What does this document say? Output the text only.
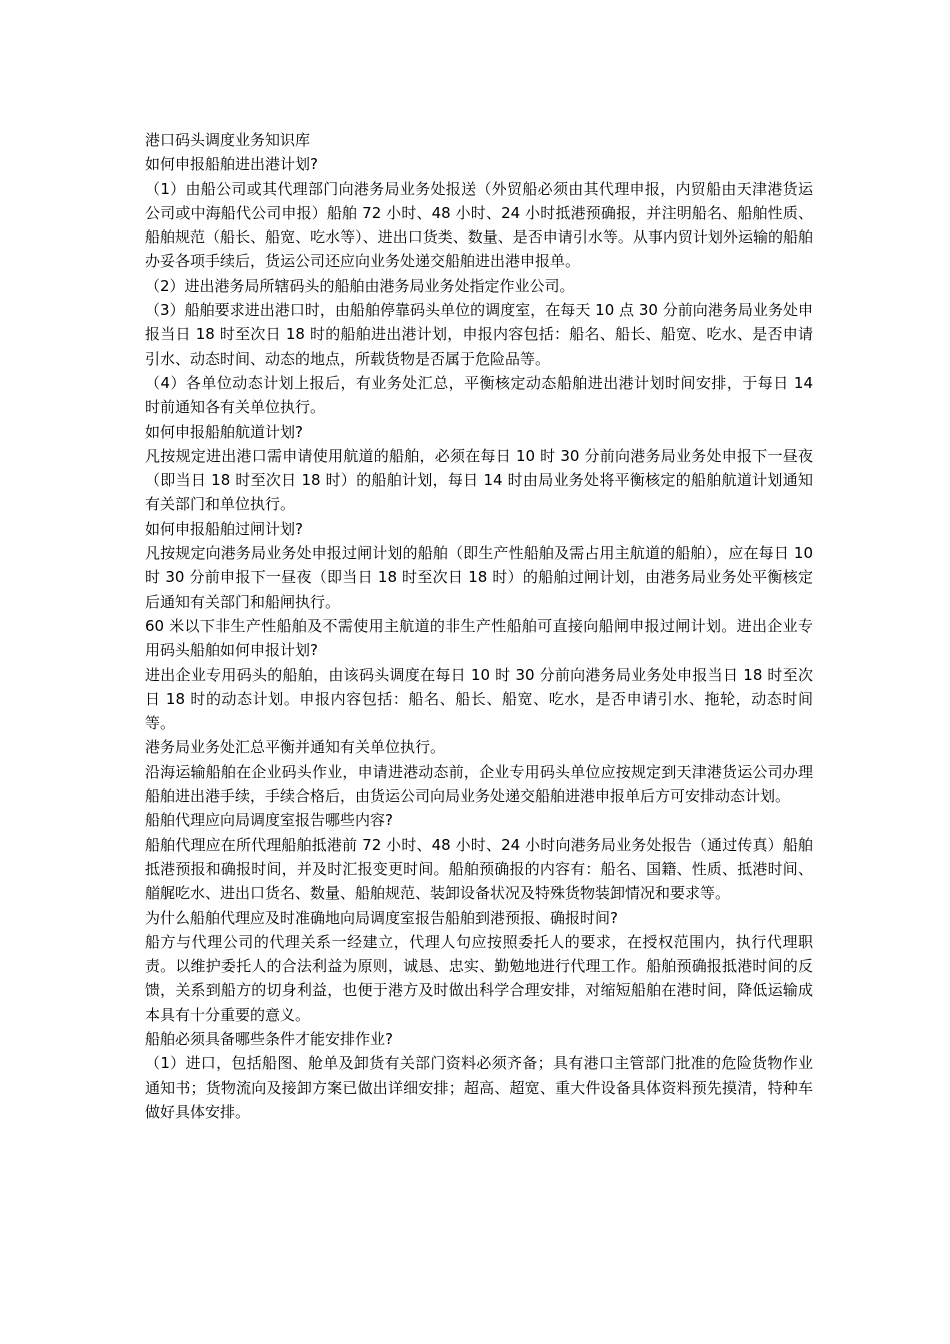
港口码头调度业务知识库

如何申报船舶进出港计划?

（1）由船公司或其代理部门向港务局业务处报送（外贸船必须由其代理申报，内贸船由天津港货运公司或中海船代公司申报）船舶 72 小时、48 小时、24 小时抵港预确报，并注明船名、船舶性质、船舶规范（船长、船宽、吃水等）、进出口货类、数量、是否申请引水等。从事内贸计划外运输的船舶办妥各项手续后，货运公司还应向业务处递交船舶进出港申报单。

（2）进出港务局所辖码头的船舶由港务局业务处指定作业公司。

（3）船舶要求进出港口时，由船舶停靠码头单位的调度室，在每天 10 点 30 分前向港务局业务处申报当日 18 时至次日 18 时的船舶进出港计划，申报内容包括：船名、船长、船宽、吃水、是否申请引水、动态时间、动态的地点，所载货物是否属于危险品等。

（4）各单位动态计划上报后，有业务处汇总，平衡核定动态船舶进出港计划时间安排，于每日 14 时前通知各有关单位执行。

如何申报船舶航道计划?

凡按规定进出港口需申请使用航道的船舶，必须在每日 10 时 30 分前向港务局业务处申报下一昼夜（即当日 18 时至次日 18 时）的船舶计划，每日 14 时由局业务处将平衡核定的船舶航道计划通知有关部门和单位执行。

如何申报船舶过闸计划?

凡按规定向港务局业务处申报过闸计划的船舶（即生产性船舶及需占用主航道的船舶），应在每日 10 时 30 分前申报下一昼夜（即当日 18 时至次日 18 时）的船舶过闸计划，由港务局业务处平衡核定后通知有关部门和船闸执行。

60 米以下非生产性船舶及不需使用主航道的非生产性船舶可直接向船闸申报过闸计划。进出企业专用码头船舶如何申报计划?

进出企业专用码头的船舶，由该码头调度在每日 10 时 30 分前向港务局业务处申报当日 18 时至次日 18 时的动态计划。申报内容包括：船名、船长、船宽、吃水，是否申请引水、拖轮，动态时间等。

港务局业务处汇总平衡并通知有关单位执行。

沿海运输船舶在企业码头作业，申请进港动态前，企业专用码头单位应按规定到天津港货运公司办理船舶进出港手续，手续合格后，由货运公司向局业务处递交船舶进港申报单后方可安排动态计划。

船舶代理应向局调度室报告哪些内容?

船舶代理应在所代理船舶抵港前 72 小时、48 小时、24 小时向港务局业务处报告（通过传真）船舶抵港预报和确报时间，并及时汇报变更时间。船舶预确报的内容有：船名、国籍、性质、抵港时间、艏艉吃水、进出口货名、数量、船舶规范、装卸设备状况及特殊货物装卸情况和要求等。

为什么船舶代理应及时准确地向局调度室报告船舶到港预报、确报时间?

船方与代理公司的代理关系一经建立，代理人句应按照委托人的要求，在授权范围内，执行代理职责。以维护委托人的合法利益为原则，诚恳、忠实、勤勉地进行代理工作。船舶预确报抵港时间的反馈，关系到船方的切身利益，也便于港方及时做出科学合理安排，对缩短船舶在港时间，降低运输成本具有十分重要的意义。

船舶必须具备哪些条件才能安排作业?

（1）进口，包括船图、舱单及卸货有关部门资料必须齐备；具有港口主管部门批准的危险货物作业通知书；货物流向及接卸方案已做出详细安排；超高、超宽、重大件设备具体资料预先摸清，特种车做好具体安排。
